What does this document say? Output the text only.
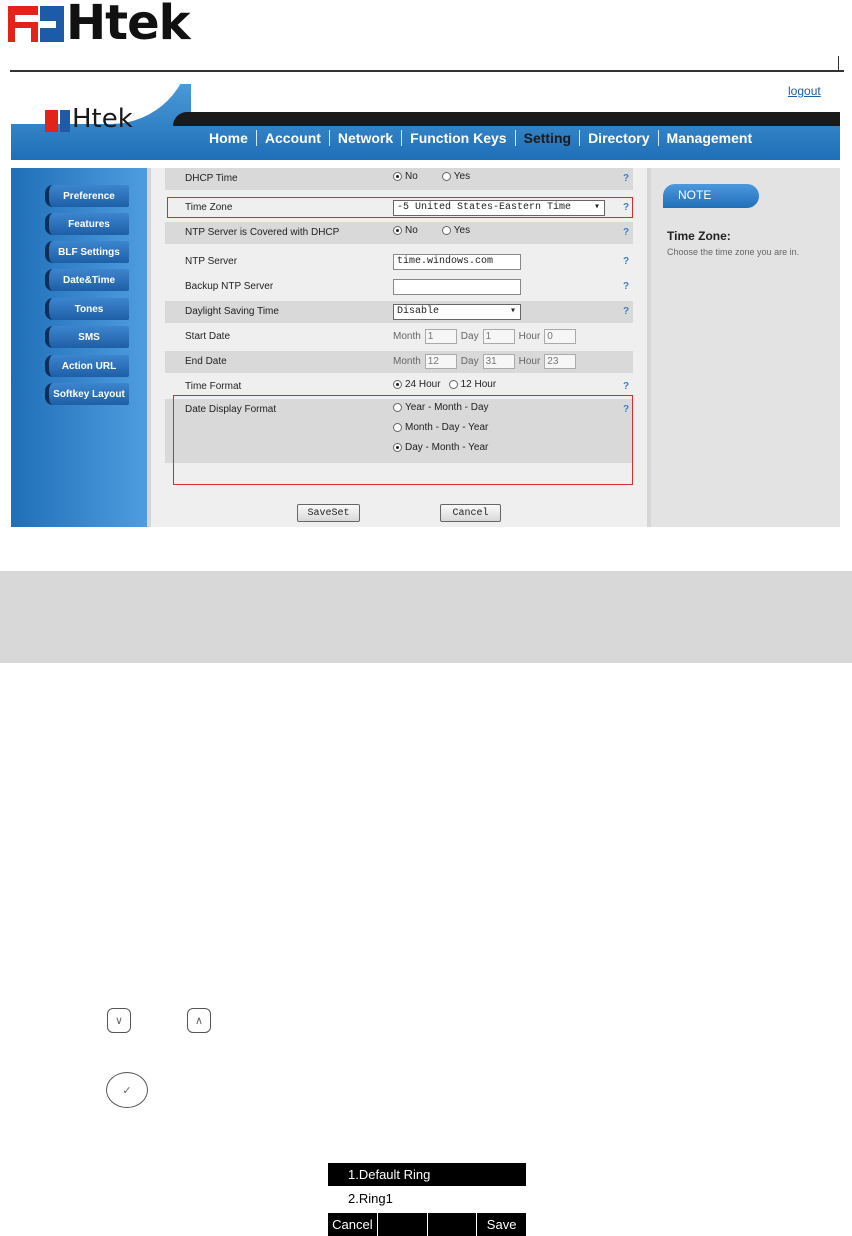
Htek
Htek
logout
Home	Account	Network	Function Keys	Setting	Directory	Management
Preference
Features
BLF Settings
Date&Time
Tones
SMS
Action URL
Softkey Layout
DHCP Time	No	Yes	?
Time Zone	-5 United States-Eastern Time ▾	?
NTP Server is Covered with DHCP	No	Yes	?
NTP Server	time.windows.com	?
Backup NTP Server	?
Daylight Saving Time	Disable ▾	?
Start Date	Month 1	Day 1	Hour 0
End Date	Month 12	Day 31	Hour 23
Time Format	24 Hour 12 Hour	?
Date Display Format	Year - Month - Day
Month - Day - Year
Day - Month - Year
?
SaveSet	Cancel
NOTE
Time Zone:
Choose the time zone you are in.
∨	∧
✓
1.Default Ring
2.Ring1
Cancel	Save
